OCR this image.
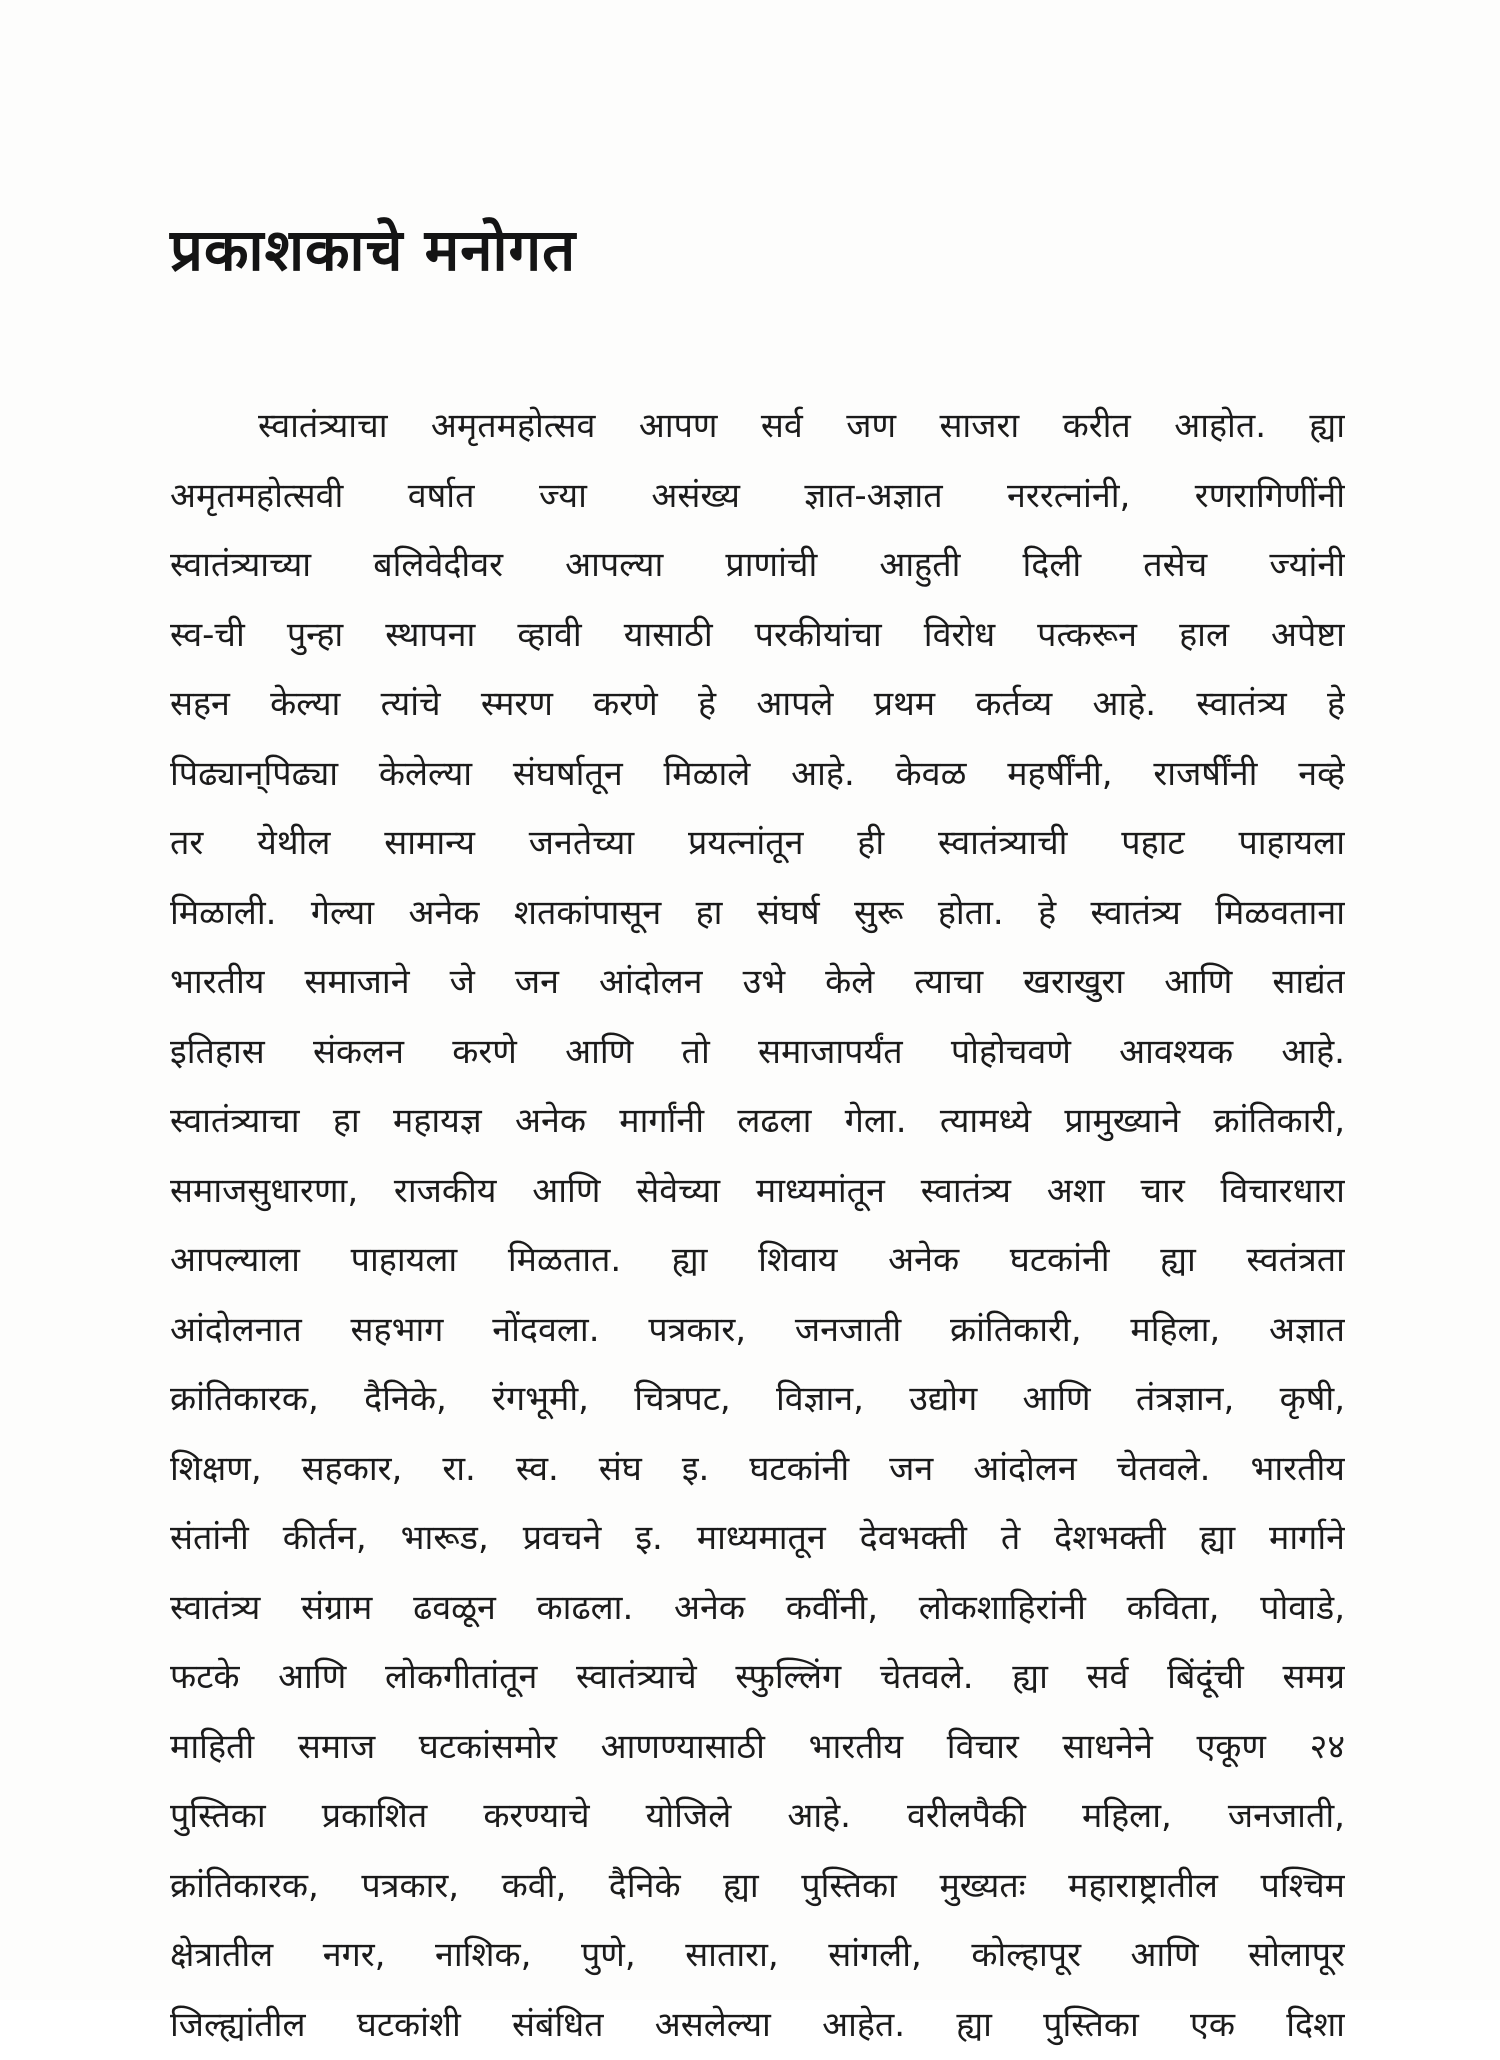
प्रकाशकाचे मनोगत
स्वातंत्र्याचा अमृतमहोत्सव आपण सर्व जण साजरा करीत आहोत. ह्या
अमृतमहोत्सवी वर्षात ज्या असंख्य ज्ञात-अज्ञात नररत्नांनी, रणरागिणींनी
स्वातंत्र्याच्या बलिवेदीवर आपल्या प्राणांची आहुती दिली तसेच ज्यांनी
स्व-ची पुन्हा स्थापना व्हावी यासाठी परकीयांचा विरोध पत्करून हाल अपेष्टा
सहन केल्या त्यांचे स्मरण करणे हे आपले प्रथम कर्तव्य आहे. स्वातंत्र्य हे
पिढ्यान्‌पिढ्या केलेल्या संघर्षातून मिळाले आहे. केवळ महर्षींनी, राजर्षींनी नव्हे
तर येथील सामान्य जनतेच्या प्रयत्नांतून ही स्वातंत्र्याची पहाट पाहायला
मिळाली. गेल्या अनेक शतकांपासून हा संघर्ष सुरू होता. हे स्वातंत्र्य मिळवताना
भारतीय समाजाने जे जन आंदोलन उभे केले त्याचा खराखुरा आणि साद्यंत
इतिहास संकलन करणे आणि तो समाजापर्यंत पोहोचवणे आवश्यक आहे.
स्वातंत्र्याचा हा महायज्ञ अनेक मार्गांनी लढला गेला. त्यामध्ये प्रामुख्याने क्रांतिकारी,
समाजसुधारणा, राजकीय आणि सेवेच्या माध्यमांतून स्वातंत्र्य अशा चार विचारधारा
आपल्याला पाहायला मिळतात. ह्या शिवाय अनेक घटकांनी ह्या स्वतंत्रता
आंदोलनात सहभाग नोंदवला. पत्रकार, जनजाती क्रांतिकारी, महिला, अज्ञात
क्रांतिकारक, दैनिके, रंगभूमी, चित्रपट, विज्ञान, उद्योग आणि तंत्रज्ञान, कृषी,
शिक्षण, सहकार, रा. स्व. संघ इ. घटकांनी जन आंदोलन चेतवले. भारतीय
संतांनी कीर्तन, भारूड, प्रवचने इ. माध्यमातून देवभक्ती ते देशभक्ती ह्या मार्गाने
स्वातंत्र्य संग्राम ढवळून काढला. अनेक कवींनी, लोकशाहिरांनी कविता, पोवाडे,
फटके आणि लोकगीतांतून स्वातंत्र्याचे स्फुल्लिंग चेतवले. ह्या सर्व बिंदूंची समग्र
माहिती समाज घटकांसमोर आणण्यासाठी भारतीय विचार साधनेने एकूण २४
पुस्तिका प्रकाशित करण्याचे योजिले आहे. वरीलपैकी महिला, जनजाती,
क्रांतिकारक, पत्रकार, कवी, दैनिके ह्या पुस्तिका मुख्यतः महाराष्ट्रातील पश्चिम
क्षेत्रातील नगर, नाशिक, पुणे, सातारा, सांगली, कोल्हापूर आणि सोलापूर
जिल्ह्यांतील घटकांशी संबंधित असलेल्या आहेत. ह्या पुस्तिका एक दिशा
